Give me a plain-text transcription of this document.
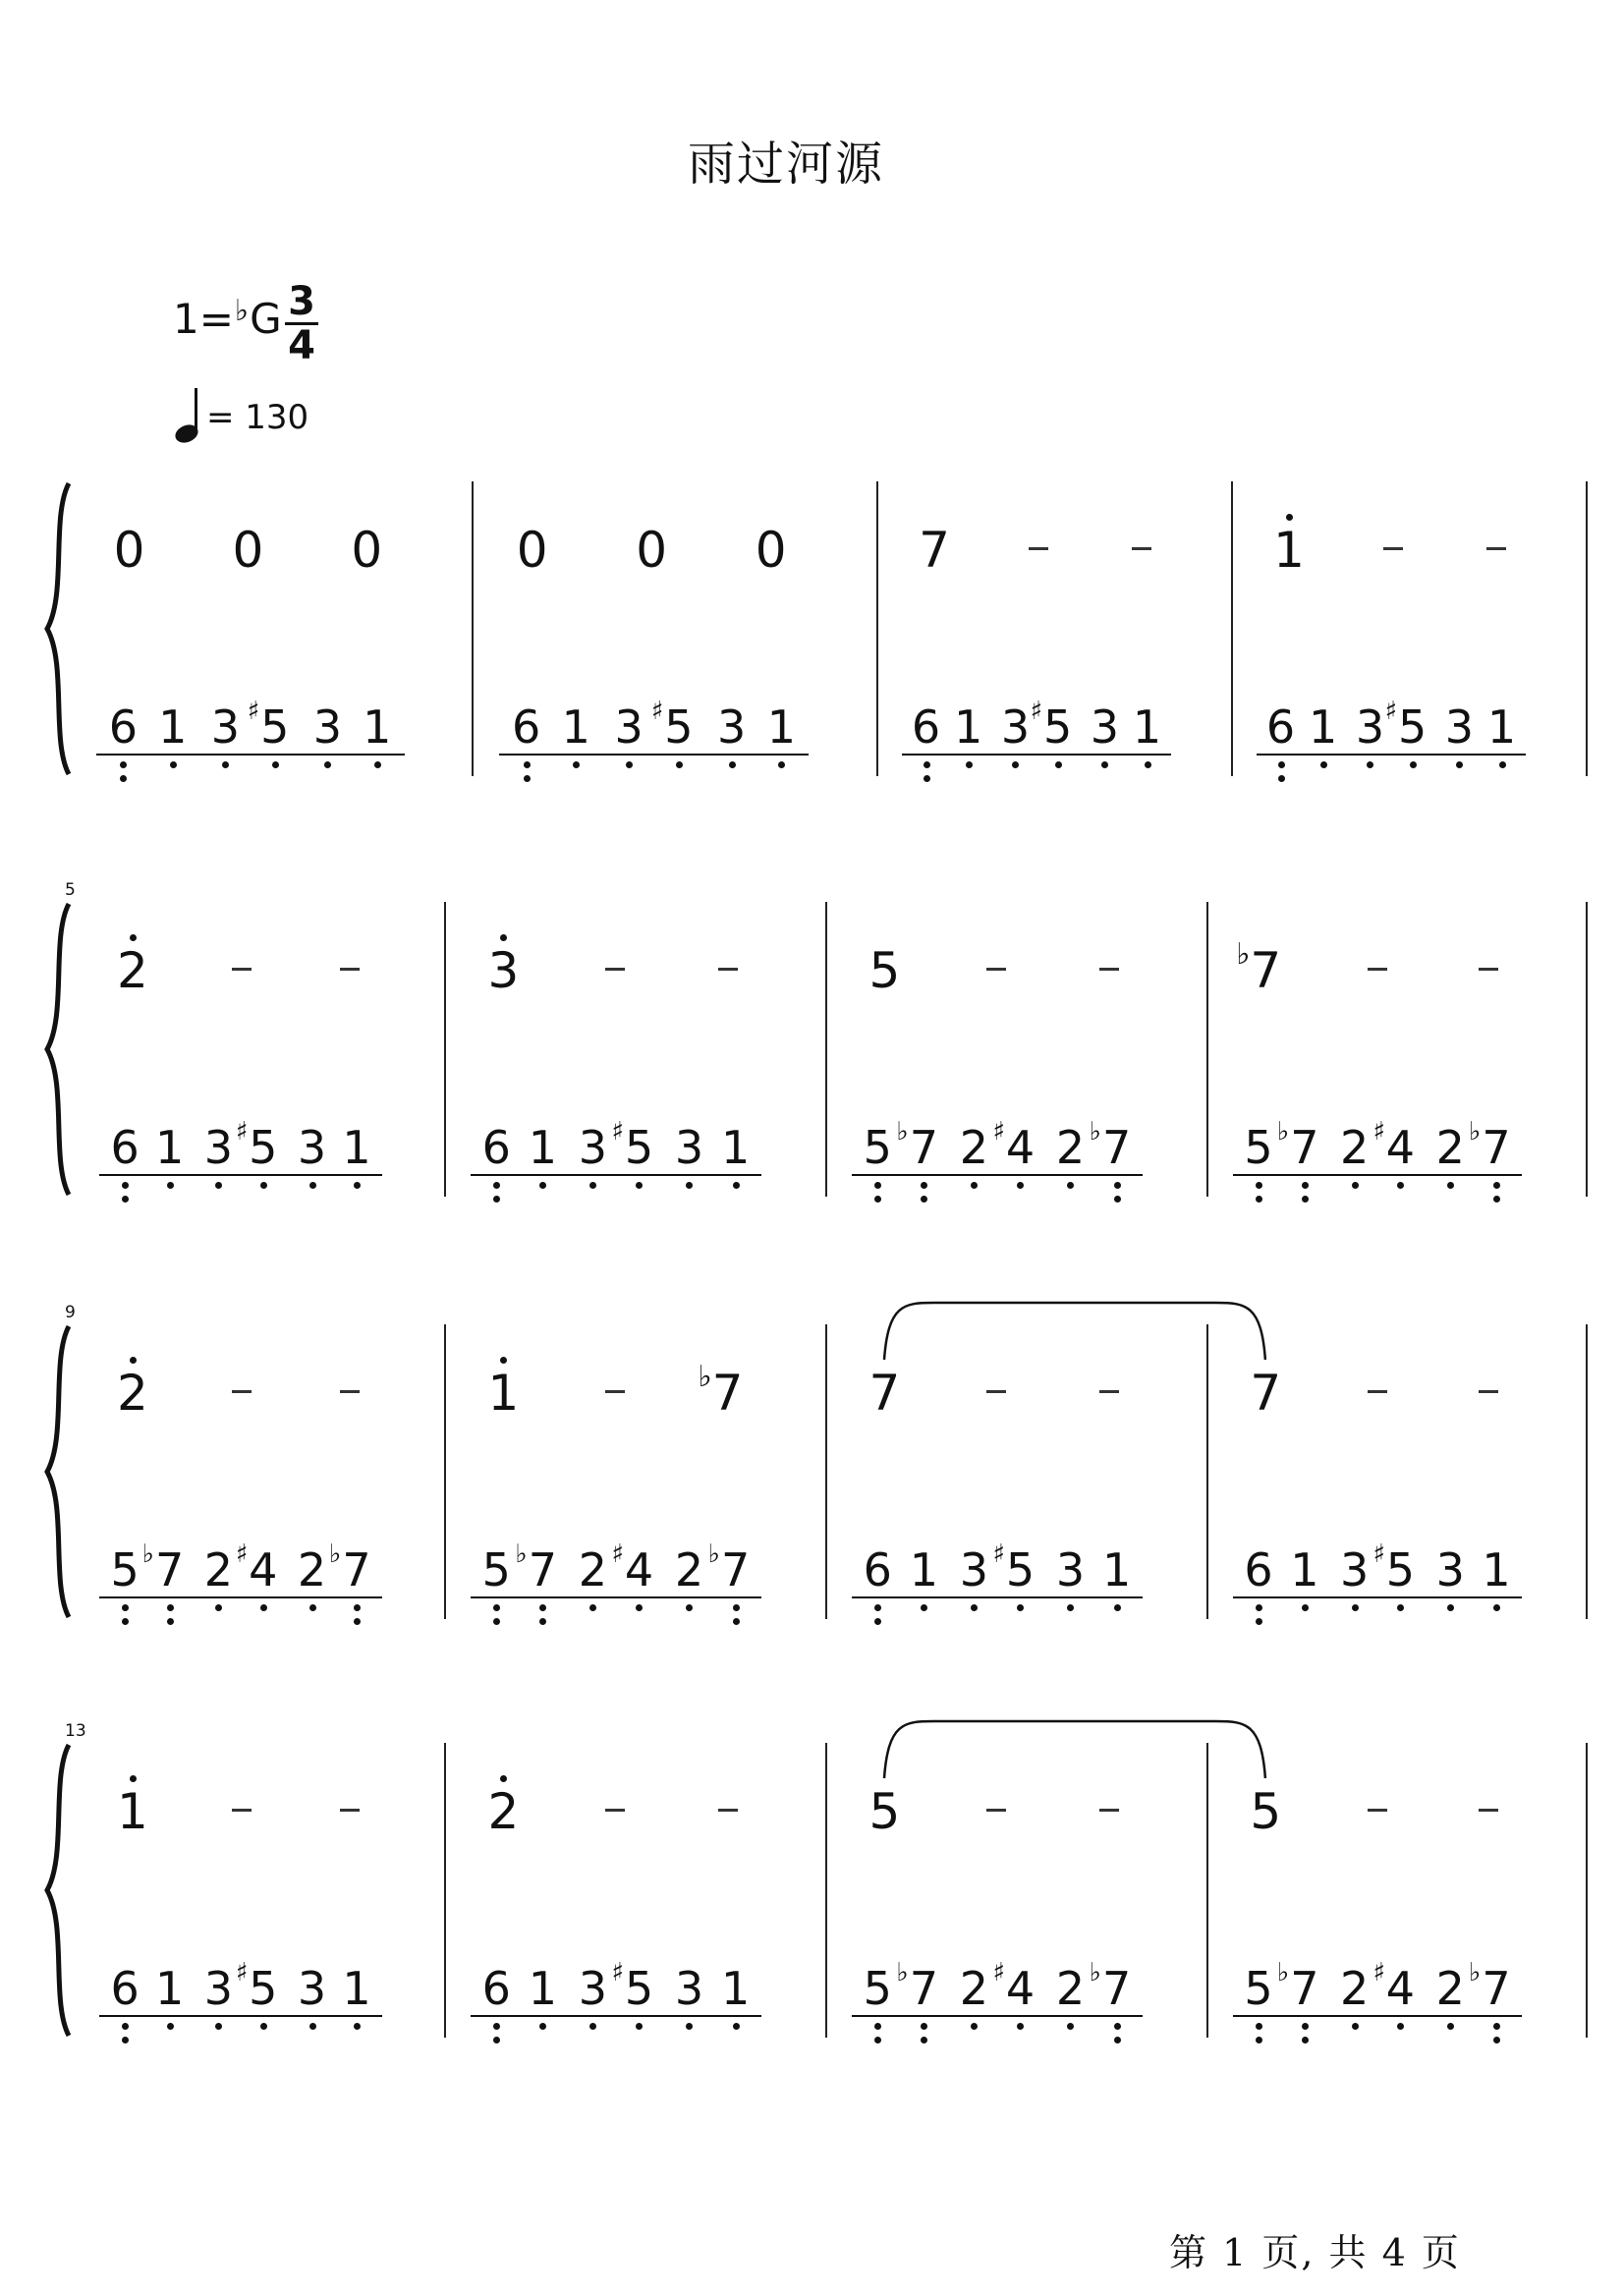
雨过河源
1= ♭ G $\frac{3}{4}$
= 130
0 0 0
6 1 3 5
♯ 3 1
0 0 0
6 1 3 5
♯ 3 1
7
6 1 3 5
♯ 3 1
1
6 1 3 5
♯ 3 1
5
2
6 1 3 5
♯ 3 1
3
6 1 3 5
♯ 3 1
5
5 7
♭ 2 4
♯ 2 7
♭
7
♭
5 7
♭ 2 4
♯ 2 7
♭
9
2
5 7
♭ 2 4
♯ 2 7
♭
1	7
♭
5 7
♭ 2 4
♯ 2 7
♭
7
6 1 3 5
♯ 3 1
7
6 1 3 5
♯ 3 1
13
1
6 1 3 5
♯ 3 1
2
6 1 3 5
♯ 3 1
5
5 7
♭ 2 4
♯ 2 7
♭
5
5 7
♭ 2 4
♯ 2 7
♭
第 1 页, 共 4 页
